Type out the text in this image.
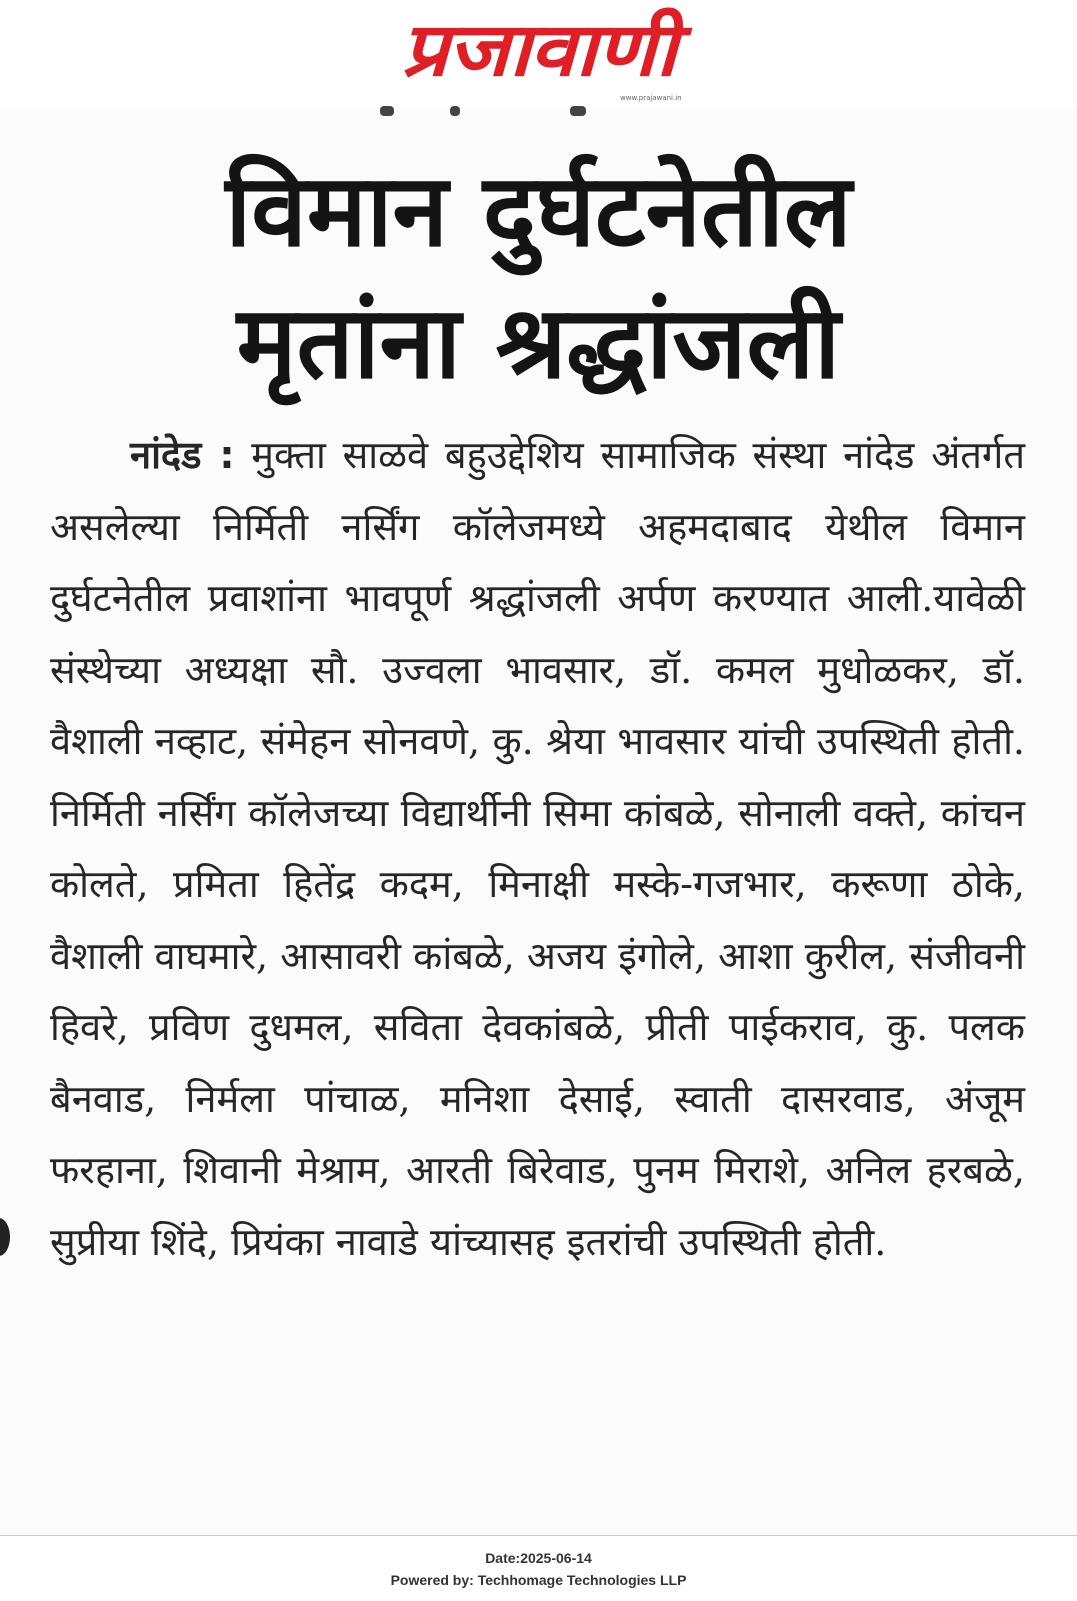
प्रजावाणी
www.prajawani.in
विमान दुर्घटनेतील
मृतांना श्रद्धांजली
नांदेड : मुक्ता साळवे बहुउद्देशिय सामाजिक संस्था नांदेड अंतर्गत असलेल्या निर्मिती नर्सिंग कॉलेजमध्ये अहमदाबाद येथील विमान दुर्घटनेतील प्रवाशांना भावपूर्ण श्रद्धांजली अर्पण करण्यात आली.यावेळी संस्थेच्या अध्यक्षा सौ. उज्वला भावसार, डॉ. कमल मुधोळकर, डॉ. वैशाली नव्हाट, संमेहन सोनवणे, कु. श्रेया भावसार यांची उपस्थिती होती. निर्मिती नर्सिंग कॉलेजच्या विद्यार्थीनी सिमा कांबळे, सोनाली वक्ते, कांचन कोलते, प्रमिता हितेंद्र कदम, मिनाक्षी मस्के-गजभार, करूणा ठोके, वैशाली वाघमारे, आसावरी कांबळे, अजय इंगोले, आशा कुरील, संजीवनी हिवरे, प्रविण दुधमल, सविता देवकांबळे, प्रीती पाईकराव, कु. पलक बैनवाड, निर्मला पांचाळ, मनिशा देसाई, स्वाती दासरवाड, अंजूम फरहाना, शिवानी मेश्राम, आरती बिरेवाड, पुनम मिराशे, अनिल हरबळे, सुप्रीया शिंदे, प्रियंका नावाडे यांच्यासह इतरांची उपस्थिती होती.
Date:2025-06-14
Powered by: Techhomage Technologies LLP
